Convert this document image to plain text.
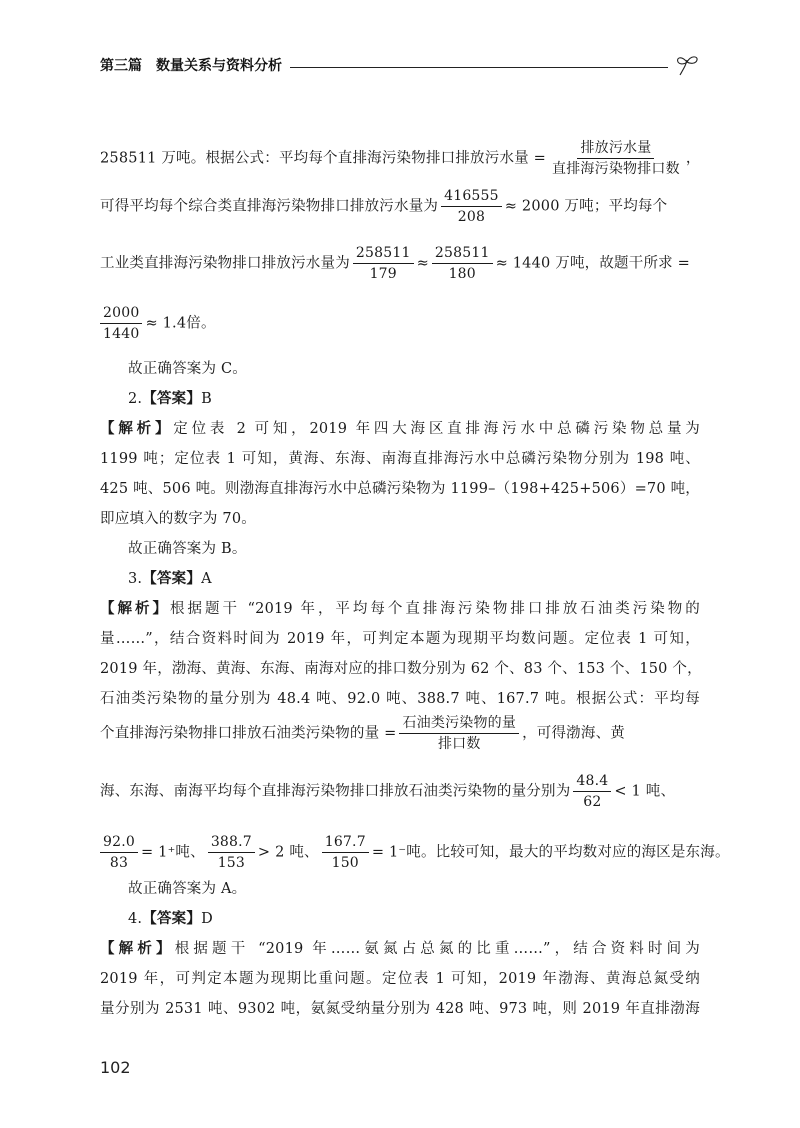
第三篇 数量关系与资料分析
258511 万吨。根据公式：平均每个直排海污染物排口排放污水量 = $\frac{\text{排放污水量}}{\text{直排海污染物排口数}}$ ，
可得平均每个综合类直排海污染物排口排放污水量为 $\frac{416555}{208} \approx 2000$ 万吨；平均每个
工业类直排海污染物排口排放污水量为 $\frac{258511}{179} \approx \frac{258511}{180} \approx 1440$ 万吨，故题干所求 =
$\frac{2000}{1440} \approx 1.4$倍。
故正确答案为 C。
2.【答案】B
【解析】定位表 2 可知，2019 年四大海区直排海污水中总磷污染物总量为
1199 吨；定位表 1 可知，黄海、东海、南海直排海污水中总磷污染物分别为 198 吨、
425 吨、506 吨。则渤海直排海污水中总磷污染物为 1199–（198+425+506）=70 吨，
即应填入的数字为 70。
故正确答案为 B。
3.【答案】A
【解析】根据题干 “2019 年，平均每个直排海污染物排口排放石油类污染物的
量……”，结合资料时间为 2019 年，可判定本题为现期平均数问题。定位表 1 可知，
2019 年，渤海、黄海、东海、南海对应的排口数分别为 62 个、83 个、153 个、150 个，
石油类污染物的量分别为 48.4 吨、92.0 吨、388.7 吨、167.7 吨。根据公式：平均每
个直排海污染物排口排放石油类污染物的量 = $\frac{\text{石油类污染物的量}}{\text{排口数}}$ ，可得渤海、黄
海、东海、南海平均每个直排海污染物排口排放石油类污染物的量分别为 $\frac{48.4}{62} < 1$ 吨、
$\frac{92.0}{83} = 1^+$吨、 $\frac{388.7}{153} > 2$ 吨、 $\frac{167.7}{150} = 1^-$吨。比较可知，最大的平均数对应的海区是东海。
故正确答案为 A。
4.【答案】D
【解析】根据题干 “2019 年……氨氮占总氮的比重……”，结合资料时间为
2019 年，可判定本题为现期比重问题。定位表 1 可知，2019 年渤海、黄海总氮受纳
量分别为 2531 吨、9302 吨，氨氮受纳量分别为 428 吨、973 吨，则 2019 年直排渤海
102
